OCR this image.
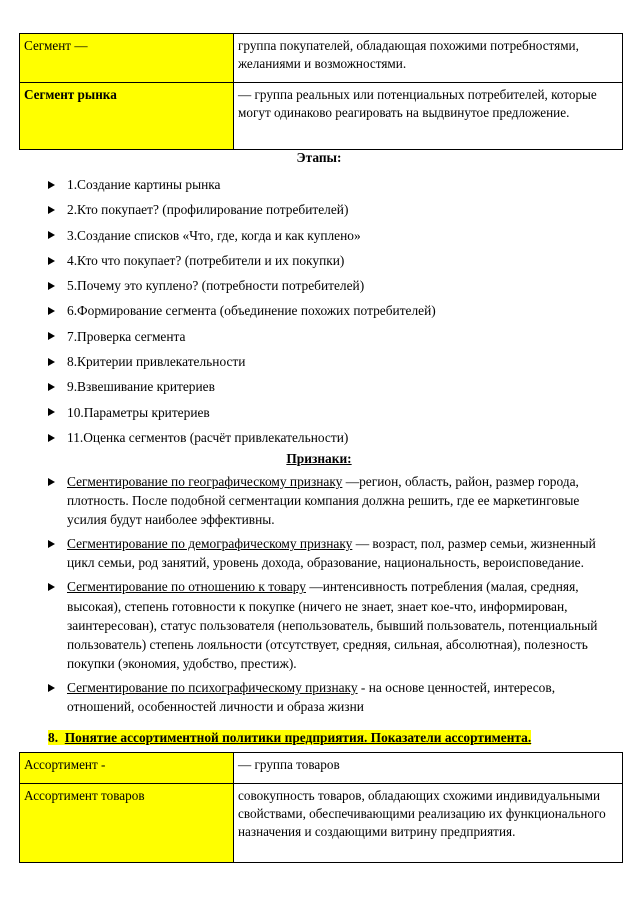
Сегмент —	группа покупателей, обладающая похожими потребностями, желаниями и возможностями.
Сегмент рынка	— группа реальных или потенциальных потребителей, которые могут одинаково реагировать на выдвинутое предложение.
Этапы:
1.Создание картины рынка
2.Кто покупает? (профилирование потребителей)
3.Создание списков «Что, где, когда и как куплено»
4.Кто что покупает? (потребители и их покупки)
5.Почему это куплено? (потребности потребителей)
6.Формирование сегмента (объединение похожих потребителей)
7.Проверка сегмента
8.Критерии привлекательности
9.Взвешивание критериев
10.Параметры критериев
11.Оценка сегментов (расчёт привлекательности)
Признаки:
Сегментирование по географическому признаку —регион, область, район, размер города, плотность. После подобной сегментации компания должна решить, где ее маркетинговые усилия будут наиболее эффективны.
Сегментирование по демографическому признаку — возраст, пол, размер семьи, жизненный цикл семьи, род занятий, уровень дохода, образование, национальность, вероисповедание.
Сегментирование по отношению к товару —интенсивность потребления (малая, средняя, высокая), степень готовности к покупке (ничего не знает, знает кое-что, информирован, заинтересован), статус пользователя (непользователь, бывший пользователь, потенциальный пользователь) степень лояльности (отсутствует, средняя, сильная, абсолютная), полезность покупки (экономия, удобство, престиж).
Сегментирование по психографическому признаку - на основе ценностей, интересов, отношений, особенностей личности и образа жизни
8. Понятие ассортиментной политики предприятия. Показатели ассортимента.
Ассортимент -	— группа товаров
Ассортимент товаров	совокупность товаров, обладающих схожими индивидуальными свойствами, обеспечивающими реализацию их функционального назначения и создающими витрину предприятия.
